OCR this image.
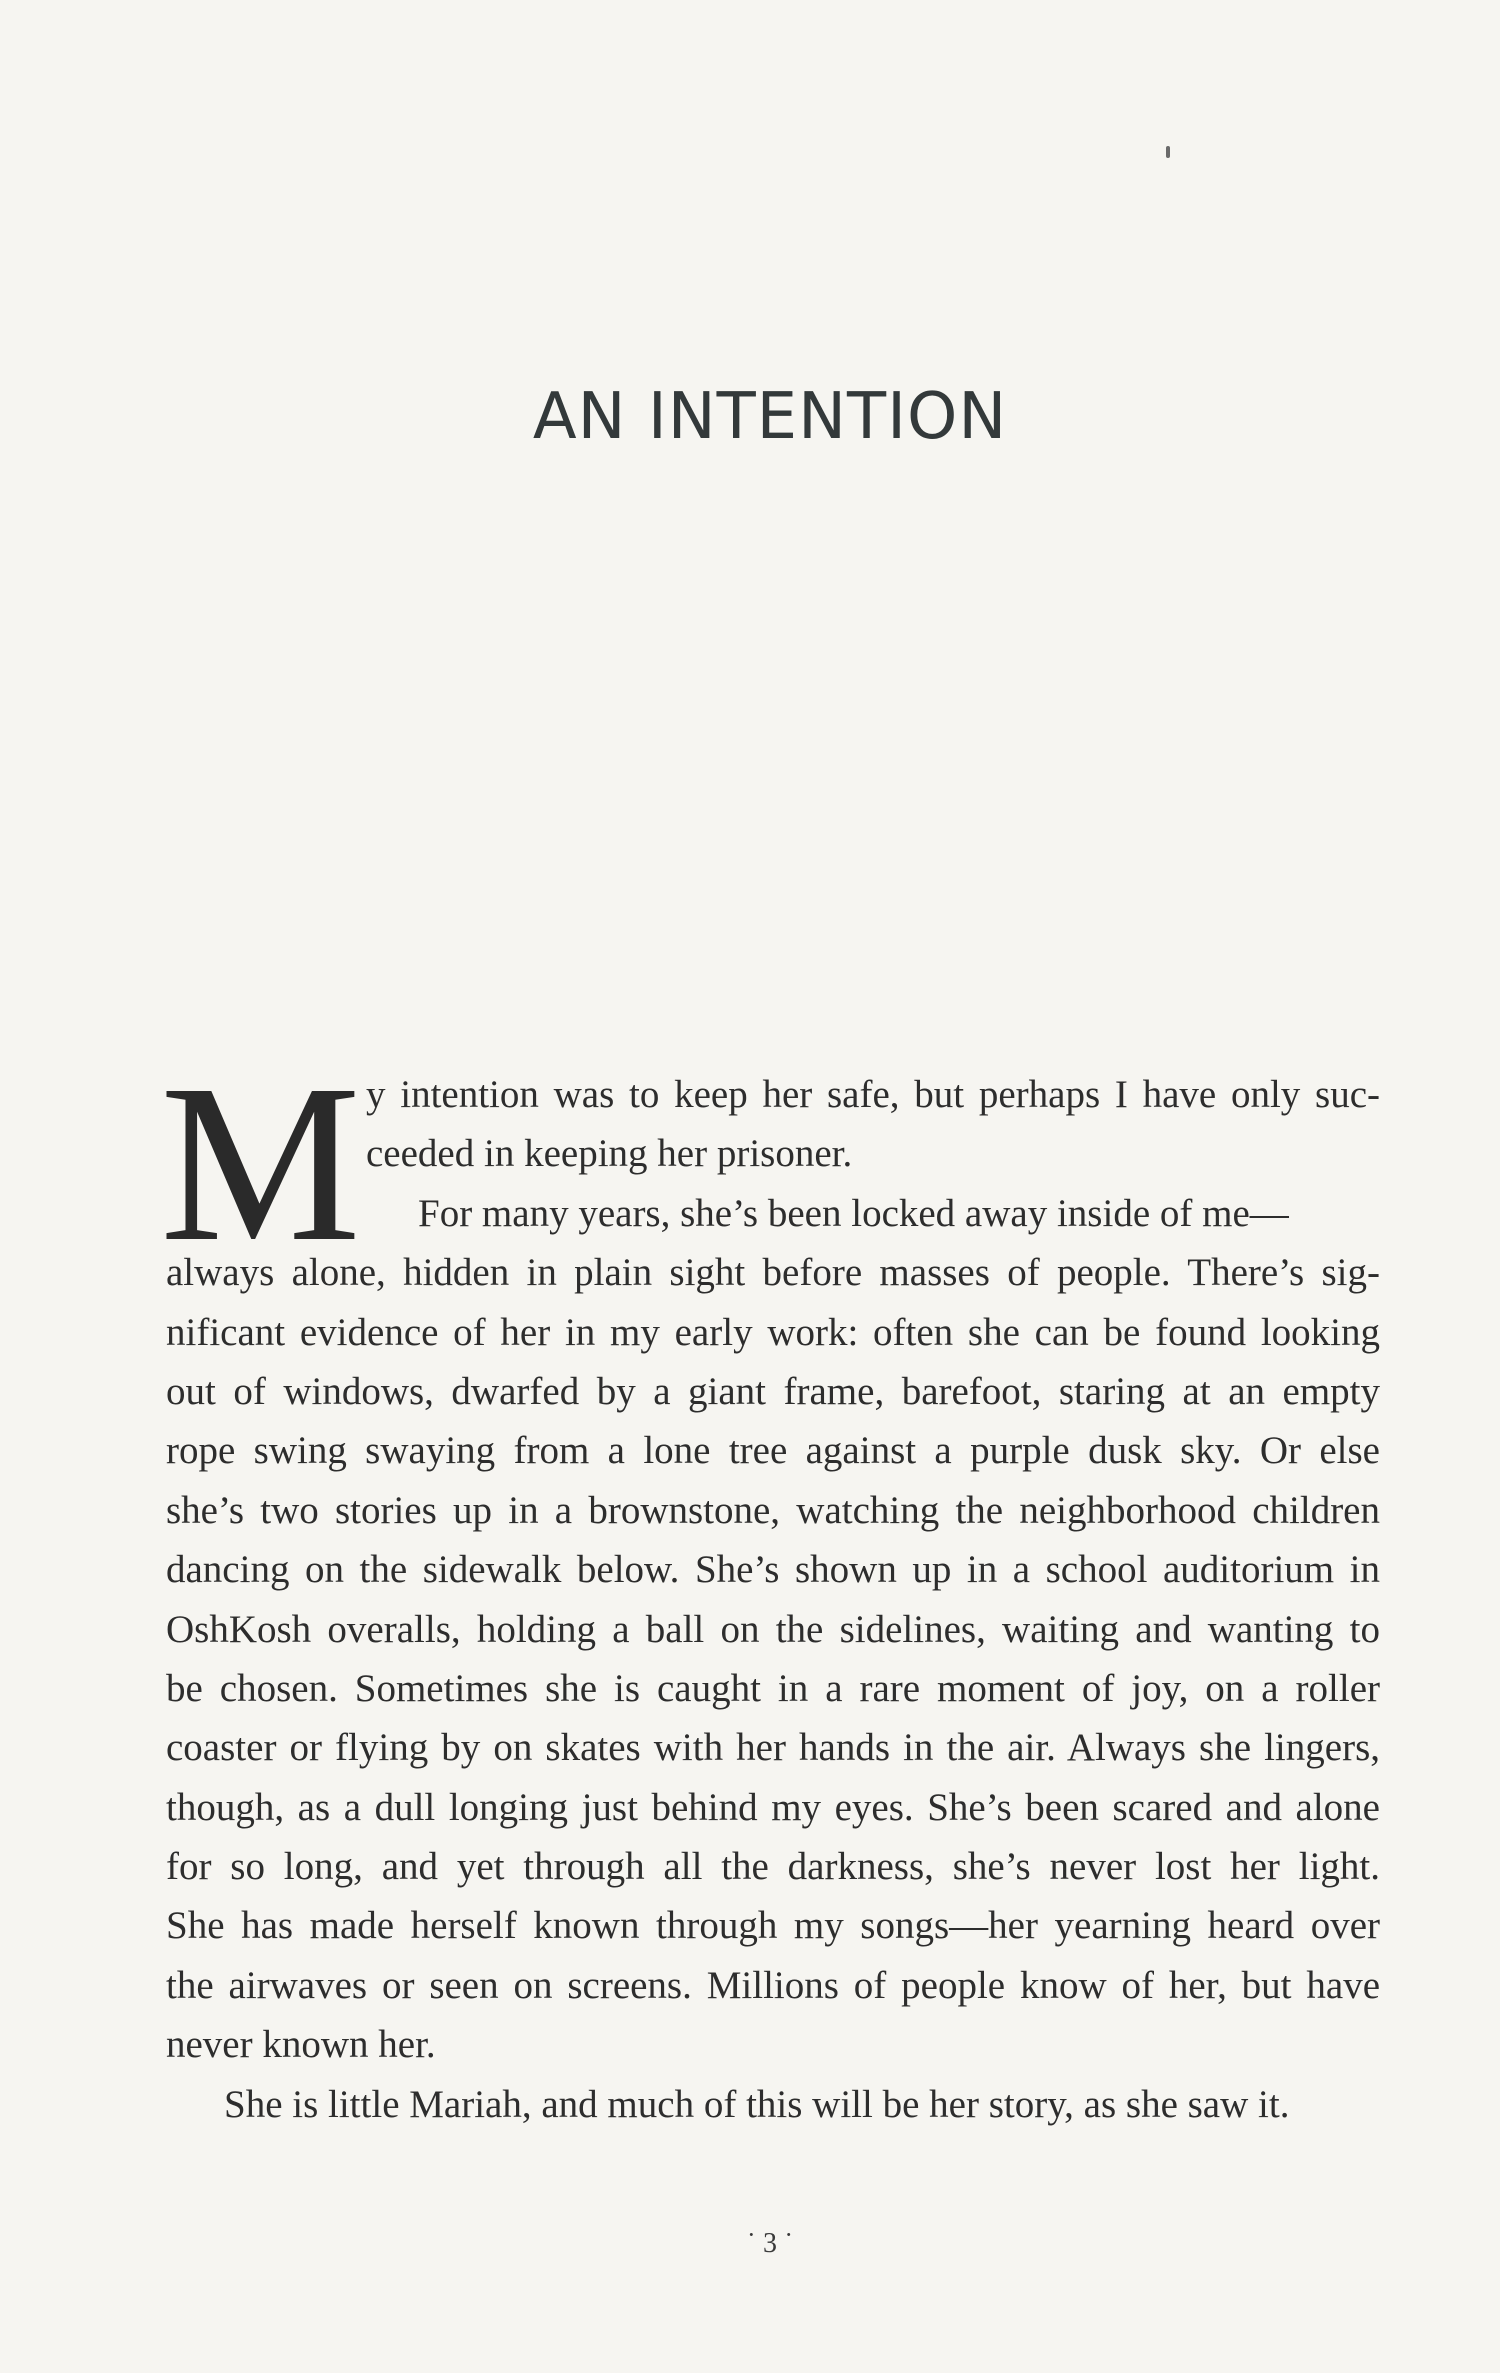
AN INTENTION
M y intention was to keep her safe, but perhaps I have only suc-
ceeded in keeping her prisoner.
For many years, she’s been locked away inside of me—
always alone, hidden in plain sight before masses of people. There’s sig-
nificant evidence of her in my early work: often she can be found looking
out of windows, dwarfed by a giant frame, barefoot, staring at an empty
rope swing swaying from a lone tree against a purple dusk sky. Or else
she’s two stories up in a brownstone, watching the neighborhood children
dancing on the sidewalk below. She’s shown up in a school auditorium in
OshKosh overalls, holding a ball on the sidelines, waiting and wanting to
be chosen. Sometimes she is caught in a rare moment of joy, on a roller
coaster or flying by on skates with her hands in the air. Always she lingers,
though, as a dull longing just behind my eyes. She’s been scared and alone
for so long, and yet through all the darkness, she’s never lost her light.
She has made herself known through my songs—her yearning heard over
the airwaves or seen on screens. Millions of people know of her, but have
never known her.
She is little Mariah, and much of this will be her story, as she saw it.
˙ 3 ˙
